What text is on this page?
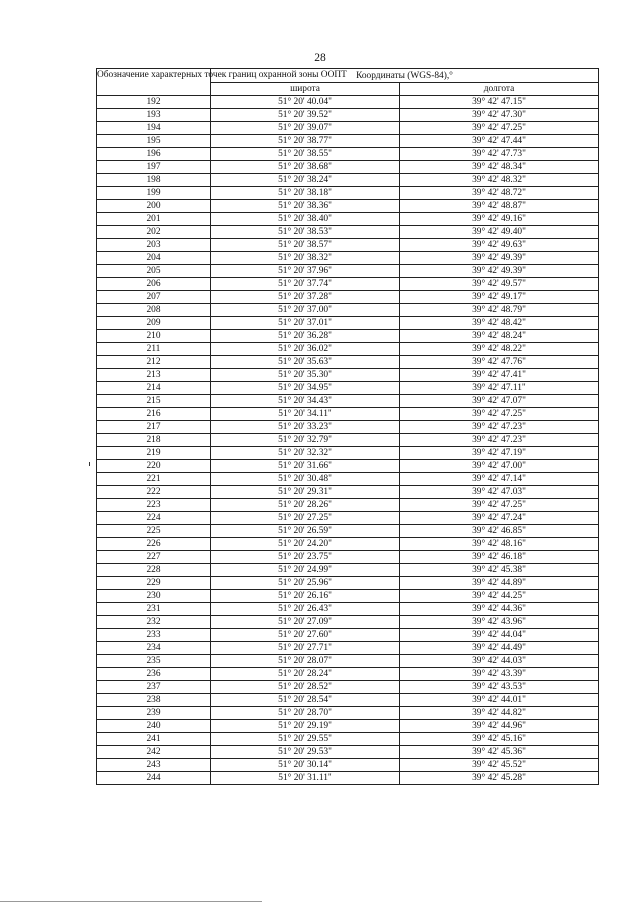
28
Обозначение характерных точек границ охранной зоны ООПТ	Координаты (WGS-84),°	
	широта	долгота
192	51° 20' 40.04"	39° 42' 47.15"
193	51° 20' 39.52"	39° 42' 47.30"
194	51° 20' 39.07"	39° 42' 47.25"
195	51° 20' 38.77"	39° 42' 47.44"
196	51° 20' 38.55"	39° 42' 47.73"
197	51° 20' 38.68"	39° 42' 48.34"
198	51° 20' 38.24"	39° 42' 48.32"
199	51° 20' 38.18"	39° 42' 48.72"
200	51° 20' 38.36"	39° 42' 48.87"
201	51° 20' 38.40"	39° 42' 49.16"
202	51° 20' 38.53"	39° 42' 49.40"
203	51° 20' 38.57"	39° 42' 49.63"
204	51° 20' 38.32"	39° 42' 49.39"
205	51° 20' 37.96"	39° 42' 49.39"
206	51° 20' 37.74"	39° 42' 49.57"
207	51° 20' 37.28"	39° 42' 49.17"
208	51° 20' 37.00"	39° 42' 48.79"
209	51° 20' 37.01"	39° 42' 48.42"
210	51° 20' 36.28"	39° 42' 48.24"
211	51° 20' 36.02"	39° 42' 48.22"
212	51° 20' 35.63"	39° 42' 47.76"
213	51° 20' 35.30"	39° 42' 47.41"
214	51° 20' 34.95"	39° 42' 47.11"
215	51° 20' 34.43"	39° 42' 47.07"
216	51° 20' 34.11"	39° 42' 47.25"
217	51° 20' 33.23"	39° 42' 47.23"
218	51° 20' 32.79"	39° 42' 47.23"
219	51° 20' 32.32"	39° 42' 47.19"
220	51° 20' 31.66"	39° 42' 47.00"
221	51° 20' 30.48"	39° 42' 47.14"
222	51° 20' 29.31"	39° 42' 47.03"
223	51° 20' 28.26"	39° 42' 47.25"
224	51° 20' 27.25"	39° 42' 47.24"
225	51° 20' 26.59"	39° 42' 46.85"
226	51° 20' 24.20"	39° 42' 48.16"
227	51° 20' 23.75"	39° 42' 46.18"
228	51° 20' 24.99"	39° 42' 45.38"
229	51° 20' 25.96"	39° 42' 44.89"
230	51° 20' 26.16"	39° 42' 44.25"
231	51° 20' 26.43"	39° 42' 44.36"
232	51° 20' 27.09"	39° 42' 43.96"
233	51° 20' 27.60"	39° 42' 44.04"
234	51° 20' 27.71"	39° 42' 44.49"
235	51° 20' 28.07"	39° 42' 44.03"
236	51° 20' 28.24"	39° 42' 43.39"
237	51° 20' 28.52"	39° 42' 43.53"
238	51° 20' 28.54"	39° 42' 44.01"
239	51° 20' 28.70"	39° 42' 44.82"
240	51° 20' 29.19"	39° 42' 44.96"
241	51° 20' 29.55"	39° 42' 45.16"
242	51° 20' 29.53"	39° 42' 45.36"
243	51° 20' 30.14"	39° 42' 45.52"
244	51° 20' 31.11"	39° 42' 45.28"
